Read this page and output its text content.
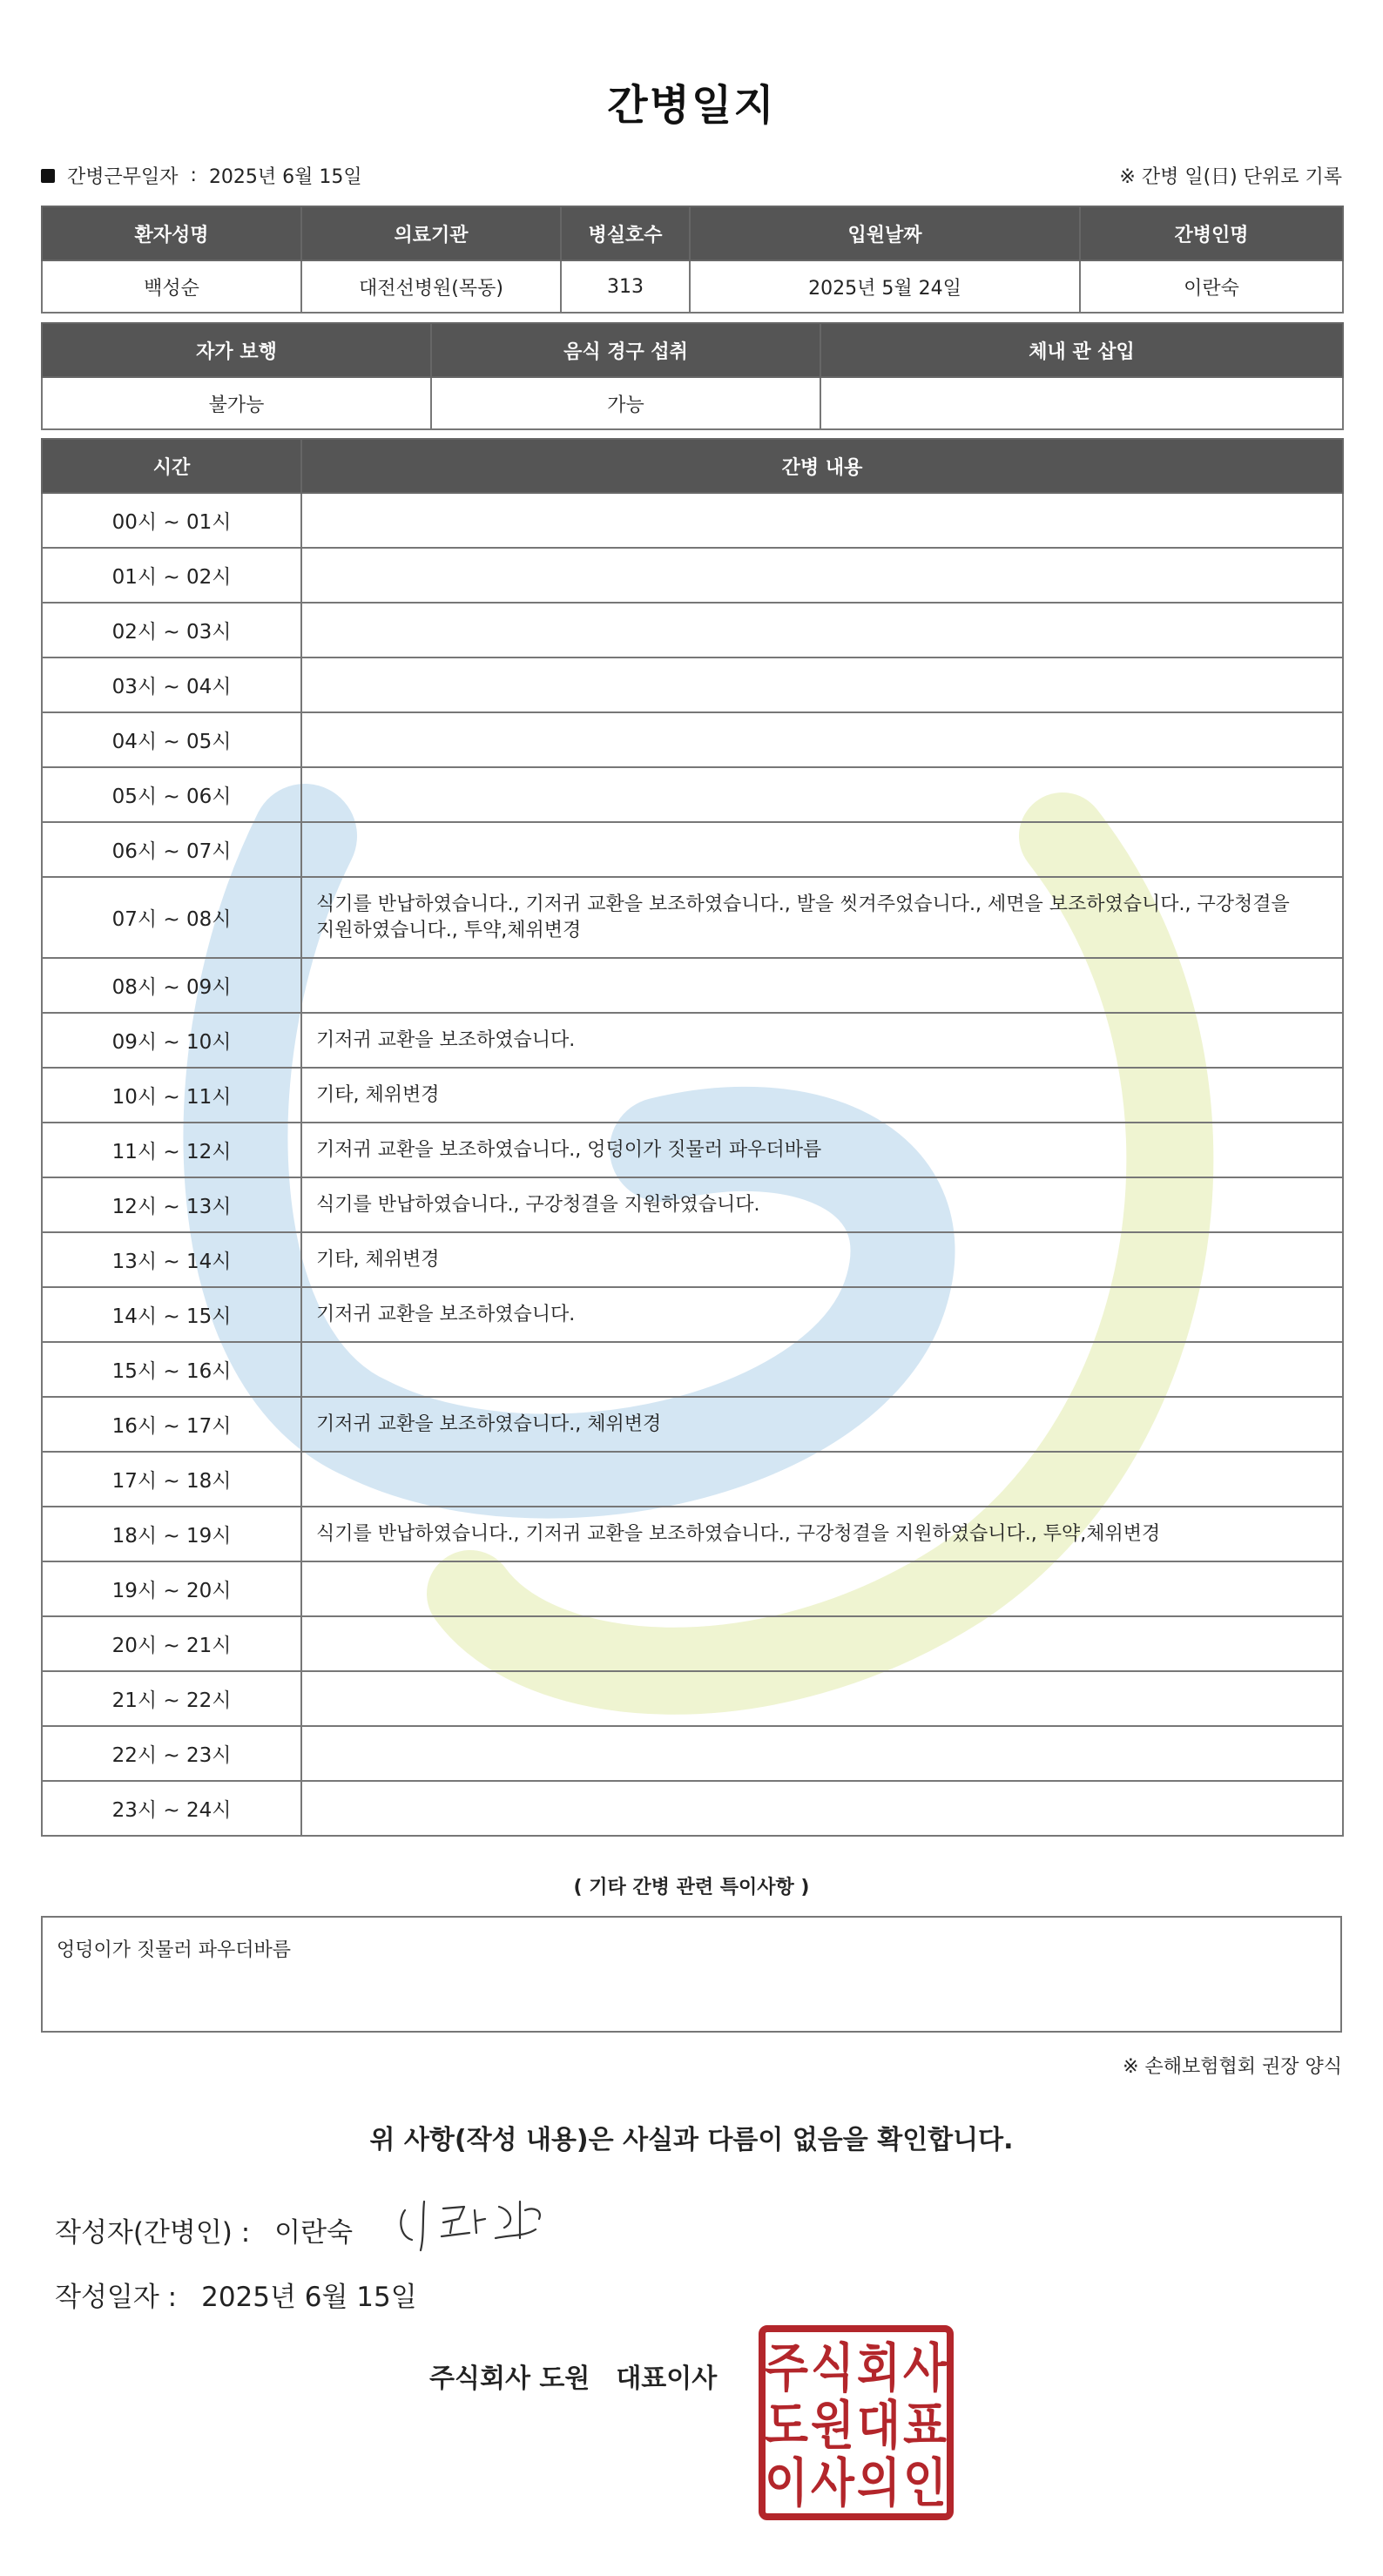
간병일지
간병근무일자 : 2025년 6월 15일	※ 간병 일(日) 단위로 기록
환자성명	의료기관	병실호수	입원날짜	간병인명
백성순	대전선병원(목동)	313	2025년 5월 24일	이란숙
자가 보행	음식 경구 섭취	체내 관 삽입
불가능	가능	
시간	간병 내용
00시 ~ 01시	
01시 ~ 02시	
02시 ~ 03시	
03시 ~ 04시	
04시 ~ 05시	
05시 ~ 06시	
06시 ~ 07시	
07시 ~ 08시	식기를 반납하였습니다., 기저귀 교환을 보조하였습니다., 발을 씻겨주었습니다., 세면을 보조하였습니다., 구강청결을
지원하였습니다., 투약,체위변경

08시 ~ 09시	
09시 ~ 10시	기저귀 교환을 보조하였습니다.
10시 ~ 11시	기타, 체위변경
11시 ~ 12시	기저귀 교환을 보조하였습니다., 엉덩이가 짓물러 파우더바름
12시 ~ 13시	식기를 반납하였습니다., 구강청결을 지원하였습니다.
13시 ~ 14시	기타, 체위변경
14시 ~ 15시	기저귀 교환을 보조하였습니다.
15시 ~ 16시	
16시 ~ 17시	기저귀 교환을 보조하였습니다., 체위변경
17시 ~ 18시	
18시 ~ 19시	식기를 반납하였습니다., 기저귀 교환을 보조하였습니다., 구강청결을 지원하였습니다., 투약,체위변경
19시 ~ 20시	
20시 ~ 21시	
21시 ~ 22시	
22시 ~ 23시	
23시 ~ 24시	
( 기타 간병 관련 특이사항 )
엉덩이가 짓물러 파우더바름
※ 손해보험협회 권장 양식
위 사항(작성 내용)은 사실과 다름이 없음을 확인합니다.
작성자(간병인) : 이란숙
작성일자 : 2025년 6월 15일
주식회사 도원 대표이사 주 식 회 사
도 원 대 표
이 사 의 인
